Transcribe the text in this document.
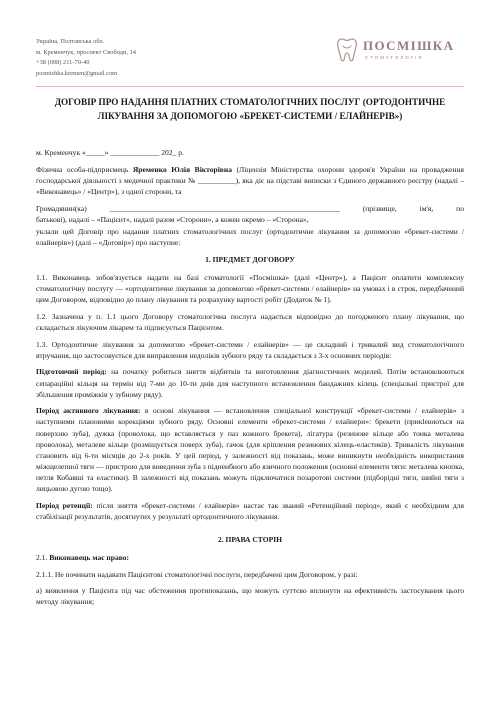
Україна, Полтавська обл.
м. Кременчук, проспект Свободи, 14
+38 (098) 211-70-40
posmishka.kremen@gmail.com
ПОСМІШКА
СТОМАТОЛОГІЯ
ДОГОВІР ПРО НАДАННЯ ПЛАТНИХ СТОМАТОЛОГІЧНИХ ПОСЛУГ (ОРТОДОНТИЧНЕ ЛІКУВАННЯ ЗА ДОПОМОГОЮ «БРЕКЕТ-СИСТЕМИ / ЕЛАЙНЕРІВ»)

м. Кременчук «_____» _____________ 202_ р.

Фізична особа-підприємець Яременко Юлія Вікторівна (Ліцензія Міністерства охорони здоров'я України на провадження господарської діяльності з медичної практики № __________), яка діє на підставі виписки з Єдиного державного реєстру (надалі – «Виконавець» / «Центр»), з одної сторони, та

Громадянин(ка) _____________________________________________________________ (прізвище, ім'я, по
батькові), надалі – «Пацієнт», надалі разом «Сторони», а кожен окремо – «Сторона»,

уклали цей Договір про надання платних стоматологічних послуг (ортодонтичне лікування за допомогою «брекет-системи / елайнерів») (далі – «Договір») про наступне:

1. ПРЕДМЕТ ДОГОВОРУ

1.1. Виконавець зобов'язується надати на базі стоматології «Посмішка» (далі «Центр»), а Пацієнт оплатити комплексну стоматологічну послугу — «ортодонтичне лікування за допомогою «брекет-системи / елайнерів» на умовах і в строк, передбачений цим Договором, відповідно до плану лікування та розрахунку вартості робіт (Додаток № 1).

1.2. Зазначена у п. 1.1 цього Договору стоматологічна послуга надається відповідно до погодженого плану лікування, що складається лікуючим лікарем та підписується Пацієнтом.

1.3. Ортодонтичне лікування за допомогою «брекет-системи / елайнерів» — це складний і тривалий вид стоматологічного втручання, що застосовується для виправлення недоліків зубного ряду та складається з 3-х основних періодів:

Підготовчий період: на початку робиться зняття відбитків та виготовлення діагностичних моделей. Потім встановлюються сепараційні кільця на термін від 7-ми до 10-ти днів для наступного встановлення бандажних кілець (спеціальні пристрої для збільшення проміжків у зубному ряду).

Період активного лікування: в основі лікування — встановлення спеціальної конструкції «брекет-системи / елайнерів» з наступними плановими корекціями зубного ряду. Основні елементи «брекет-системи / елайнери»: брекети (прикleюються на поверхню зуба), дужка (проволока, що вставляється у паз кожного брекета), лігатура (резинове кільце або тонка металева проволока), металеве кільце (розміщується поверх зуба), гачок (для кріплення резинових кілець-еластиків). Тривалість лікування становить від 6-ти місяців до 2-х років. У цей період, у залежності від показань, може виникнути необхідність використання міжщелепної тяги — пристрою для виведення зуба з підненбного або язичного положення (основні елементи тяги: металева кнопка, петля Кобаяші та еластики). В залежності від показань можуть підключатися позаротові системи (підборідні тяги, шийні тяги з лицьовою дугою тощо).

Період ретенції: після зняття «брекет-системи / елайнерів» настає так званий «Ретенційний період», який є необхідним для стабілізації результатів, досягнутих у результаті ортодонтичного лікування.

2. ПРАВА СТОРІН

2.1. Виконавець має право:

2.1.1. Не починати надавати Пацієнтові стоматологічні послуги, передбачені цим Договором, у разі:

а) виявлення у Пацієнта під час обстеження протипоказань, що можуть суттєво вплинути на ефективність застосування цього методу лікування;
